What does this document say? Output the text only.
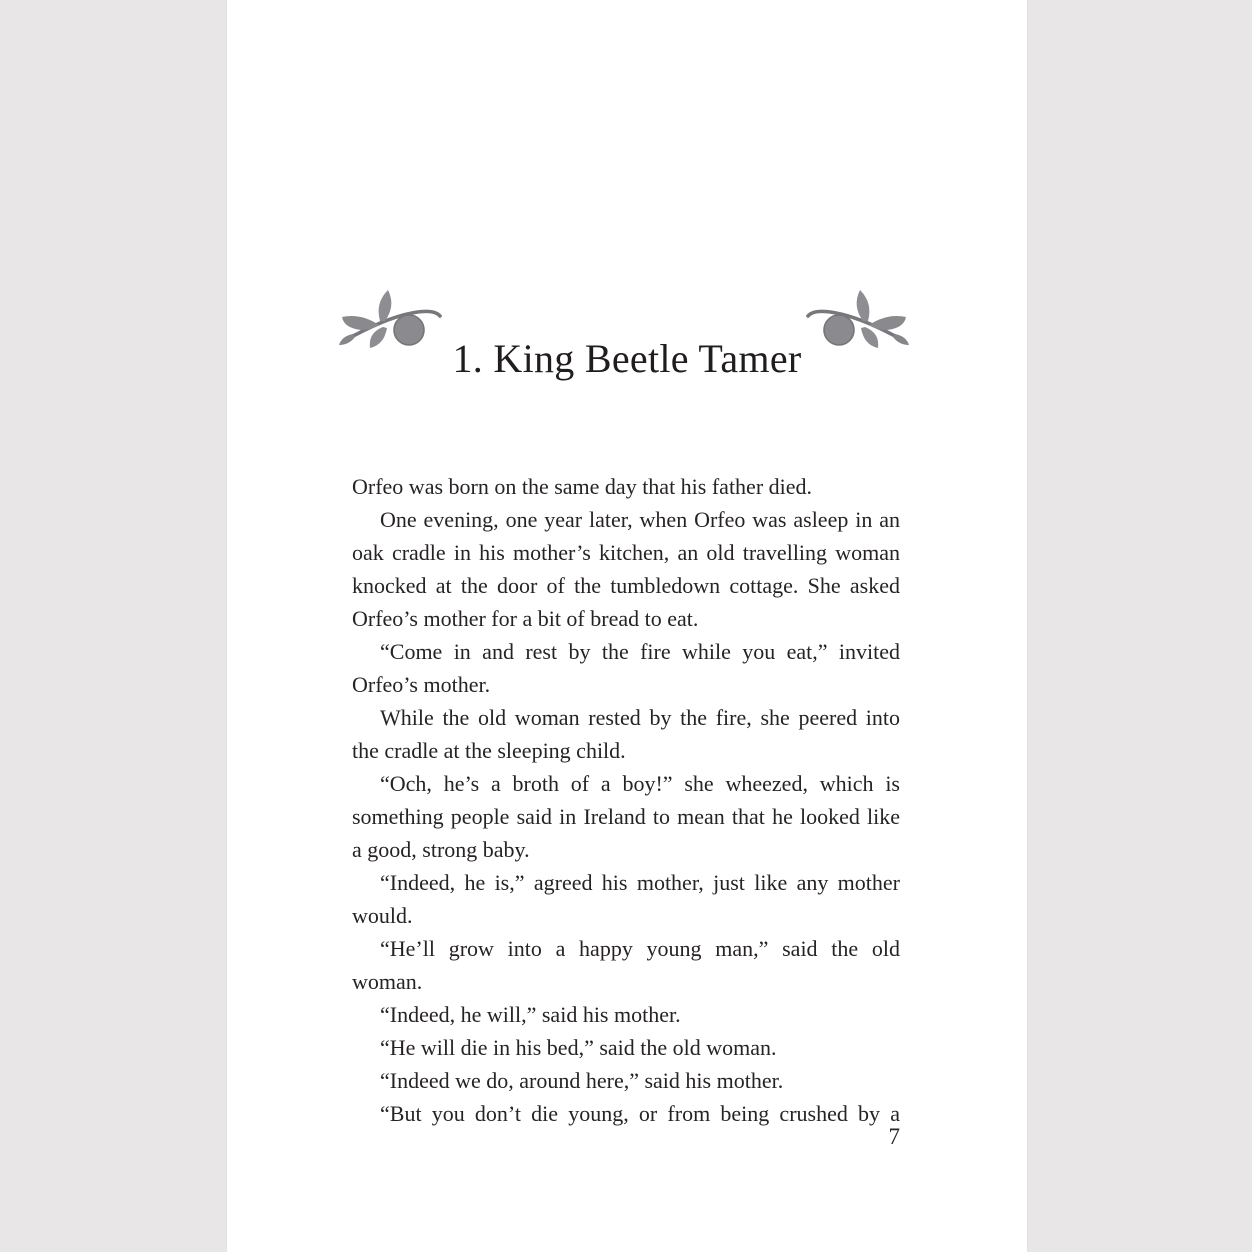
1. King Beetle Tamer

Orfeo was born on the same day that his father died.

One evening, one year later, when Orfeo was asleep in an
oak cradle in his mother’s kitchen, an old travelling woman
knocked at the door of the tumbledown cottage. She asked
Orfeo’s mother for a bit of bread to eat.

“Come in and rest by the fire while you eat,” invited
Orfeo’s mother.

While the old woman rested by the fire, she peered into
the cradle at the sleeping child.

“Och, he’s a broth of a boy!” she wheezed, which is
something people said in Ireland to mean that he looked like
a good, strong baby.

“Indeed, he is,” agreed his mother, just like any mother
would.

“He’ll grow into a happy young man,” said the old woman.

“Indeed, he will,” said his mother.

“He will die in his bed,” said the old woman.

“Indeed we do, around here,” said his mother.

“But you don’t die young, or from being crushed by a

7
